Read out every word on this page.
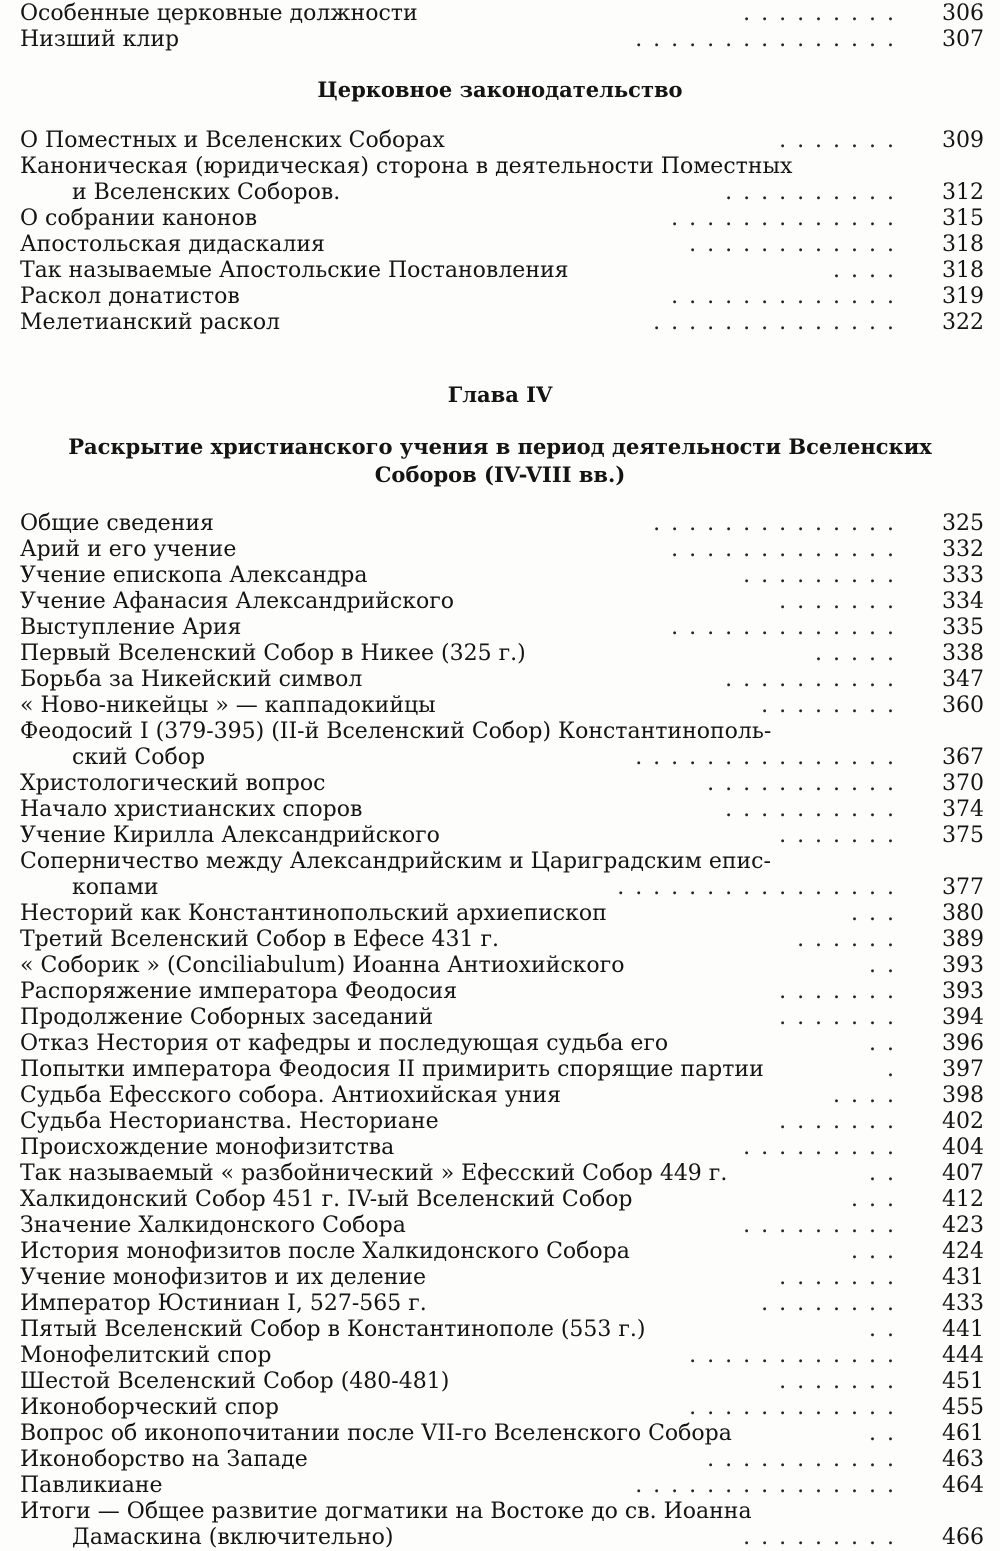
Особенные церковные должности	. . . . . . . . .	306
Низший клир	. . . . . . . . . . . . . . .	307
Церковное законодательство
О Поместных и Вселенских Соборах	. . . . . . .	309
Каноническая (юридическая) сторона в деятельности Поместных
и Вселенских Соборов.	. . . . . . . . . .	312
О собрании канонов	. . . . . . . . . . . . .	315
Апостольская дидаскалия	. . . . . . . . . . . .	318
Так называемые Апостольские Постановления	. . . .	318
Раскол донатистов	. . . . . . . . . . . . .	319
Мелетианский раскол	. . . . . . . . . . . . . .	322
Глава IV
Раскрытие христианского учения в период деятельности Вселенских
Соборов (IV-VIII вв.)
Общие сведения	. . . . . . . . . . . . . .	325
Арий и его учение	. . . . . . . . . . . . .	332
Учение епископа Александра	. . . . . . . . .	333
Учение Афанасия Александрийского	. . . . . . .	334
Выступление Ария	. . . . . . . . . . . . .	335
Первый Вселенский Собор в Никее (325 г.)	. . . . .	338
Борьба за Никейский символ	. . . . . . . . . .	347
« Ново-никейцы » — каппадокийцы	. . . . . . . .	360
Феодосий I (379-395) (II-й Вселенский Собор) Константинополь-
ский Собор	. . . . . . . . . . . . . . .	367
Христологический вопрос	. . . . . . . . . . .	370
Начало христианских споров	. . . . . . . . . .	374
Учение Кирилла Александрийского	. . . . . . .	375
Соперничество между Александрийским и Цариградским епис-
копами	. . . . . . . . . . . . . . . .	377
Несторий как Константинопольский архиепископ	. . .	380
Третий Вселенский Собор в Ефесе 431 г.	. . . . . .	389
« Соборик » (Conciliabulum) Иоанна Антиохийского	. .	393
Распоряжение императора Феодосия	. . . . . . .	393
Продолжение Соборных заседаний	. . . . . . .	394
Отказ Нестория от кафедры и последующая судьба его	. .	396
Попытки императора Феодосия II примирить спорящие партии	.	397
Судьба Ефесского собора. Антиохийская уния	. . . .	398
Судьба Несторианства. Несториане	. . . . . . .	402
Происхождение монофизитства	. . . . . . . . .	404
Так называемый « разбойнический » Ефесский Собор 449 г.	. .	407
Халкидонский Собор 451 г. IV-ый Вселенский Собор	. . .	412
Значение Халкидонского Собора	. . . . . . . . .	423
История монофизитов после Халкидонского Собора	. . .	424
Учение монофизитов и их деление	. . . . . . .	431
Император Юстиниан I, 527-565 г.	. . . . . . . .	433
Пятый Вселенский Собор в Константинополе (553 г.)	. .	441
Монофелитский спор	. . . . . . . . . . . .	444
Шестой Вселенский Собор (480-481)	. . . . . . .	451
Иконоборческий спор	. . . . . . . . . . . .	455
Вопрос об иконопочитании после VII-го Вселенского Собора	. .	461
Иконоборство на Западе	. . . . . . . . . . .	463
Павликиане	. . . . . . . . . . . . . . .	464
Итоги — Общее развитие догматики на Востоке до св. Иоанна
Дамаскина (включительно)	. . . . . . . . .	466
